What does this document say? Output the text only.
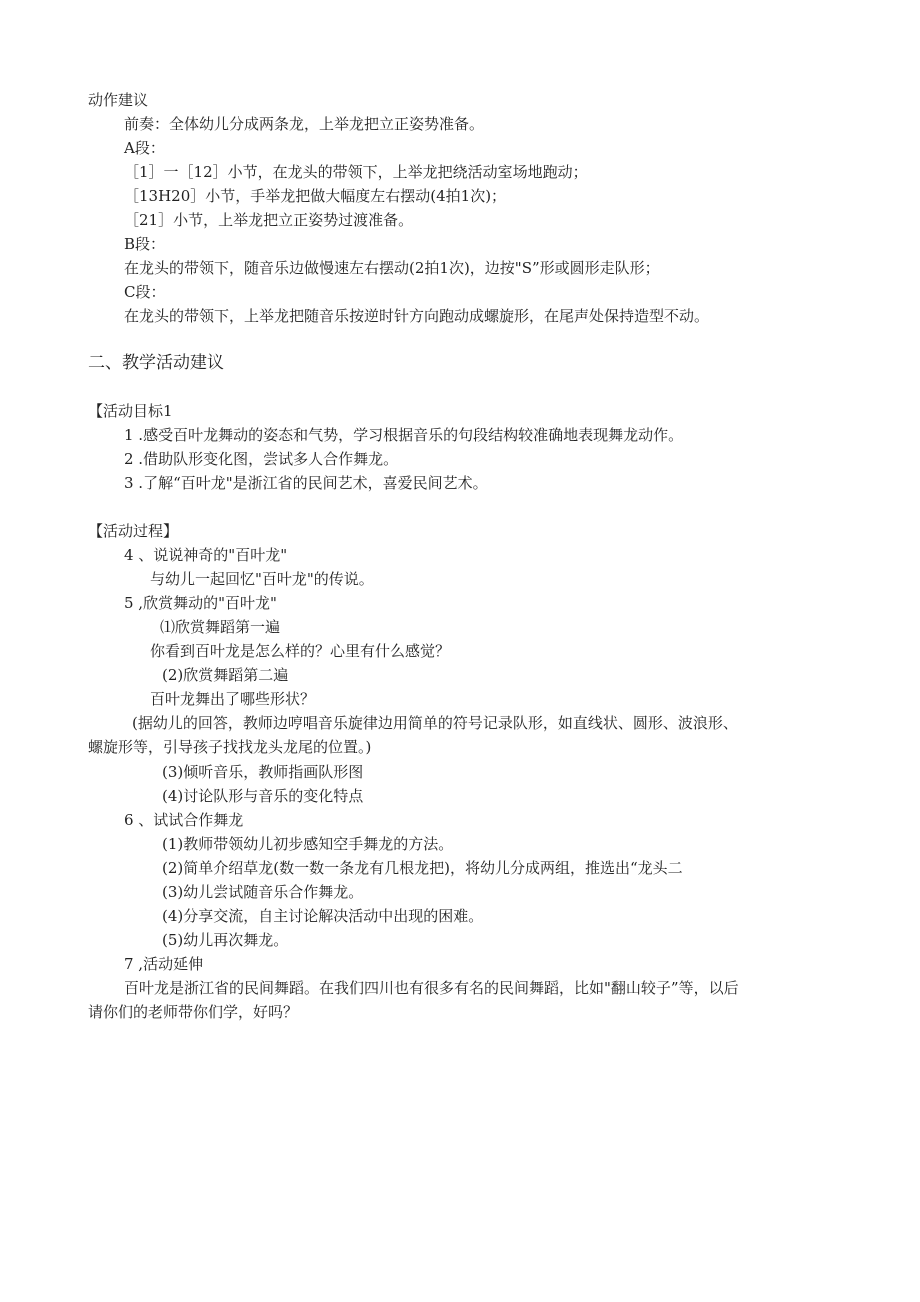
动作建议
前奏：全体幼儿分成两条龙，上举龙把立正姿势准备。
A段：
［1］一［12］小节，在龙头的带领下，上举龙把绕活动室场地跑动；
［13H20］小节，手举龙把做大幅度左右摆动(4拍1次)；
［21］小节，上举龙把立正姿势过渡准备。
B段：
在龙头的带领下，随音乐边做慢速左右摆动(2拍1次)，边按"S”形或圆形走队形；
C段：
在龙头的带领下，上举龙把随音乐按逆时针方向跑动成螺旋形，在尾声处保持造型不动。
二、教学活动建议
【活动目标1
1 .感受百叶龙舞动的姿态和气势，学习根据音乐的句段结构较准确地表现舞龙动作。
2 .借助队形变化图，尝试多人合作舞龙。
3 .了解“百叶龙"是浙江省的民间艺术，喜爱民间艺术。
【活动过程】
4 、说说神奇的"百叶龙"
与幼儿一起回忆"百叶龙"的传说。
5 ,欣赏舞动的"百叶龙"
⑴欣赏舞蹈第一遍
你看到百叶龙是怎么样的？心里有什么感觉？
(2)欣赏舞蹈第二遍
百叶龙舞出了哪些形状？
(据幼儿的回答，教师边哼唱音乐旋律边用简单的符号记录队形，如直线状、圆形、波浪形、
螺旋形等，引导孩子找找龙头龙尾的位置。)
(3)倾听音乐，教师指画队形图
(4)讨论队形与音乐的变化特点
6 、试试合作舞龙
(1)教师带领幼儿初步感知空手舞龙的方法。
(2)简单介绍草龙(数一数一条龙有几根龙把)，将幼儿分成两组，推选出“龙头二
(3)幼儿尝试随音乐合作舞龙。
(4)分享交流，自主讨论解决活动中出现的困难。
(5)幼儿再次舞龙。
7 ,活动延伸
百叶龙是浙江省的民间舞蹈。在我们四川也有很多有名的民间舞蹈，比如"翻山较子”等，以后
请你们的老师带你们学，好吗？
